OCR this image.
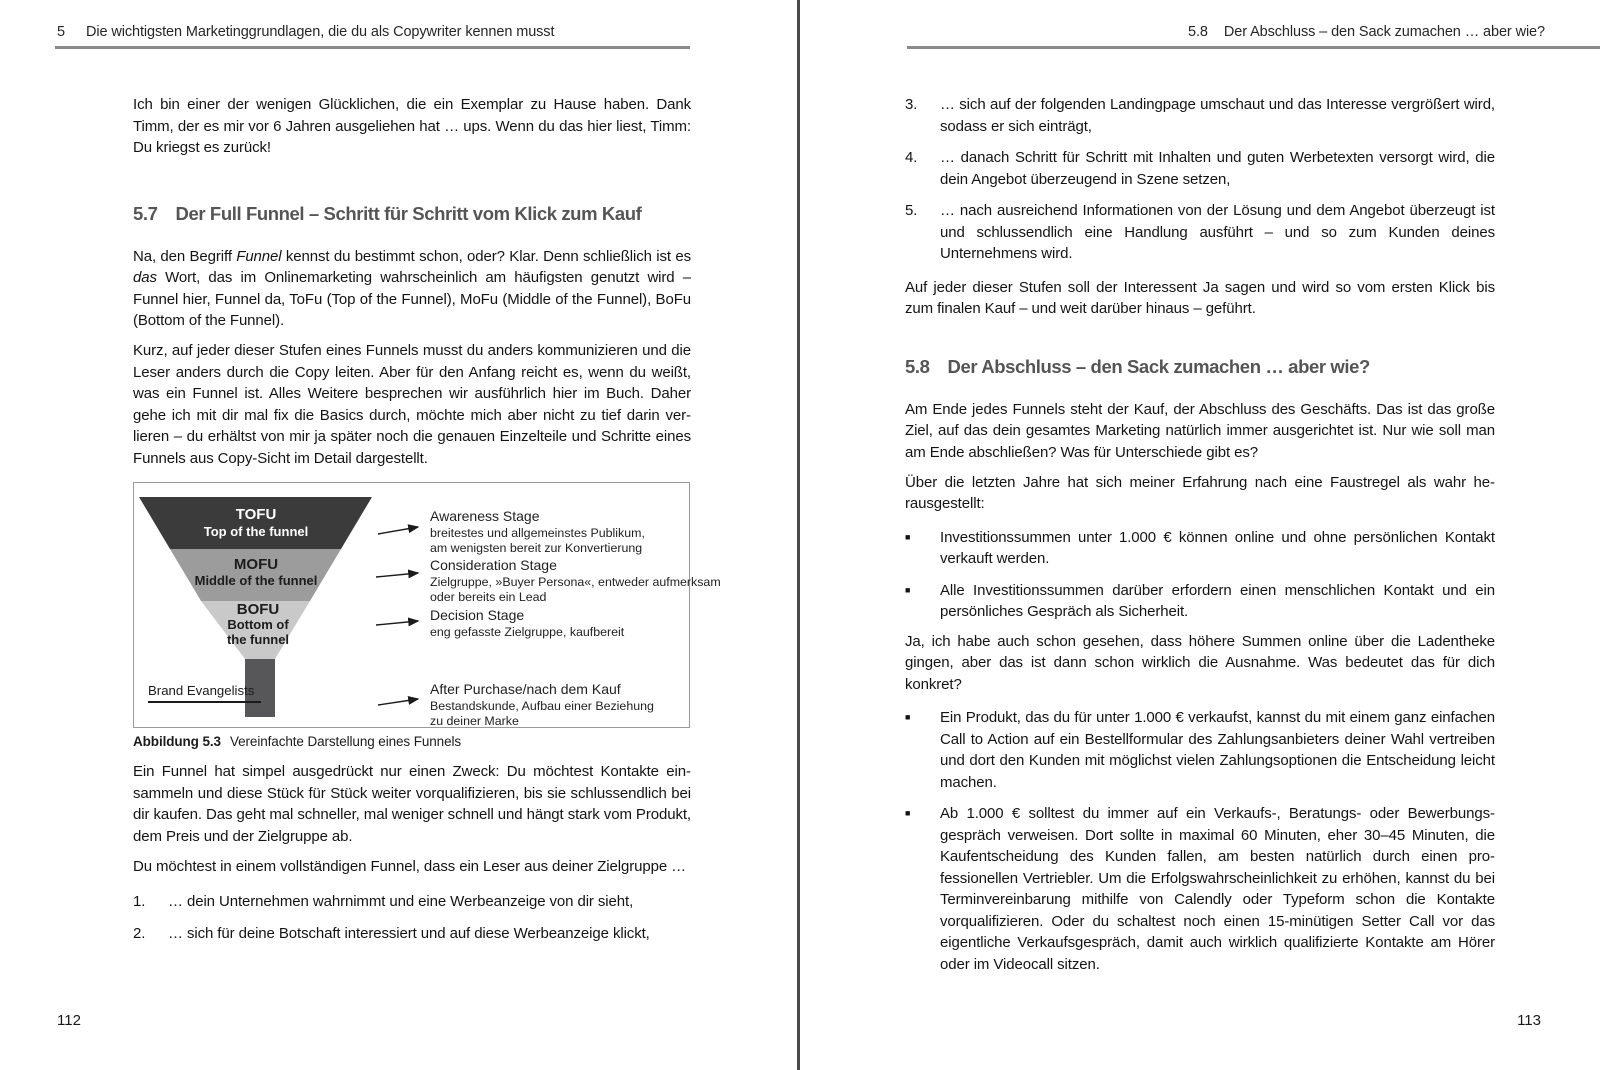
5 Die wichtigsten Marketinggrundlagen, die du als Copywriter kennen musst

Ich bin einer der wenigen Glücklichen, die ein Exemplar zu Hause haben. Dank Timm, der es mir vor 6 Jahren ausgeliehen hat … ups. Wenn du das hier liest, Timm: Du kriegst es zurück!

5.7 Der Full Funnel – Schritt für Schritt vom Klick zum Kauf

Na, den Begriff Funnel kennst du bestimmt schon, oder? Klar. Denn schließlich ist es das Wort, das im Onlinemarketing wahrscheinlich am häufigsten genutzt wird – Funnel hier, Funnel da, ToFu (Top of the Funnel), MoFu (Middle of the Funnel), BoFu (Bottom of the Funnel).

Kurz, auf jeder dieser Stufen eines Funnels musst du anders kommunizieren und die Leser anders durch die Copy leiten. Aber für den Anfang reicht es, wenn du weißt, was ein Funnel ist. Alles Weitere besprechen wir ausführlich hier im Buch. Daher gehe ich mit dir mal fix die Basics durch, möchte mich aber nicht zu tief darin verlieren – du erhältst von mir ja später noch die genauen Einzelteile und Schritte eines Funnels aus Copy-Sicht im Detail dargestellt.

TOFU
Top of the funnel
MOFU
Middle of the funnel
BOFU
Bottom of
the funnel
Brand Evangelists
Awareness Stage
breitestes und allgemeinstes Publikum,
am wenigsten bereit zur Konvertierung
Consideration Stage
Zielgruppe, »Buyer Persona«, entweder aufmerksam
oder bereits ein Lead
Decision Stage
eng gefasste Zielgruppe, kaufbereit
After Purchase/nach dem Kauf
Bestandskunde, Aufbau einer Beziehung
zu deiner Marke
Abbildung 5.3 Vereinfachte Darstellung eines Funnels

Ein Funnel hat simpel ausgedrückt nur einen Zweck: Du möchtest Kontakte einsammeln und diese Stück für Stück weiter vorqualifizieren, bis sie schlussendlich bei dir kaufen. Das geht mal schneller, mal weniger schnell und hängt stark vom Produkt, dem Preis und der Zielgruppe ab.

Du möchtest in einem vollständigen Funnel, dass ein Leser aus deiner Zielgruppe …

1.	… dein Unternehmen wahrnimmt und eine Werbeanzeige von dir sieht,
2.	… sich für deine Botschaft interessiert und auf diese Werbeanzeige klickt,
112
5.8 Der Abschluss – den Sack zumachen … aber wie?
3.	… sich auf der folgenden Landingpage umschaut und das Interesse vergrößert wird, sodass er sich einträgt,
4.	… danach Schritt für Schritt mit Inhalten und guten Werbetexten versorgt wird, die dein Angebot überzeugend in Szene setzen,
5.	… nach ausreichend Informationen von der Lösung und dem Angebot überzeugt ist und schlussendlich eine Handlung ausführt – und so zum Kunden deines Unternehmens wird.

Auf jeder dieser Stufen soll der Interessent Ja sagen und wird so vom ersten Klick bis zum finalen Kauf – und weit darüber hinaus – geführt.

5.8 Der Abschluss – den Sack zumachen … aber wie?

Am Ende jedes Funnels steht der Kauf, der Abschluss des Geschäfts. Das ist das große Ziel, auf das dein gesamtes Marketing natürlich immer ausgerichtet ist. Nur wie soll man am Ende abschließen? Was für Unterschiede gibt es?

Über die letzten Jahre hat sich meiner Erfahrung nach eine Faustregel als wahr herausgestellt:

■	Investitionssummen unter 1.000 € können online und ohne persönlichen Kontakt verkauft werden.
■	Alle Investitionssummen darüber erfordern einen menschlichen Kontakt und ein persönliches Gespräch als Sicherheit.

Ja, ich habe auch schon gesehen, dass höhere Summen online über die Ladentheke gingen, aber das ist dann schon wirklich die Ausnahme. Was bedeutet das für dich konkret?

■	Ein Produkt, das du für unter 1.000 € verkaufst, kannst du mit einem ganz einfachen Call to Action auf ein Bestellformular des Zahlungsanbieters deiner Wahl vertreiben und dort den Kunden mit möglichst vielen Zahlungsoptionen die Entscheidung leicht machen.
■	Ab 1.000 € solltest du immer auf ein Verkaufs-, Beratungs- oder Bewerbungsgespräch verweisen. Dort sollte in maximal 60 Minuten, eher 30–45 Minuten, die Kaufentscheidung des Kunden fallen, am besten natürlich durch einen professionellen Vertriebler. Um die Erfolgswahrscheinlichkeit zu erhöhen, kannst du bei Terminvereinbarung mithilfe von Calendly oder Typeform schon die Kontakte vorqualifizieren. Oder du schaltest noch einen 15-minütigen Setter Call vor das eigentliche Verkaufsgespräch, damit auch wirklich qualifizierte Kontakte am Hörer oder im Videocall sitzen.
113
